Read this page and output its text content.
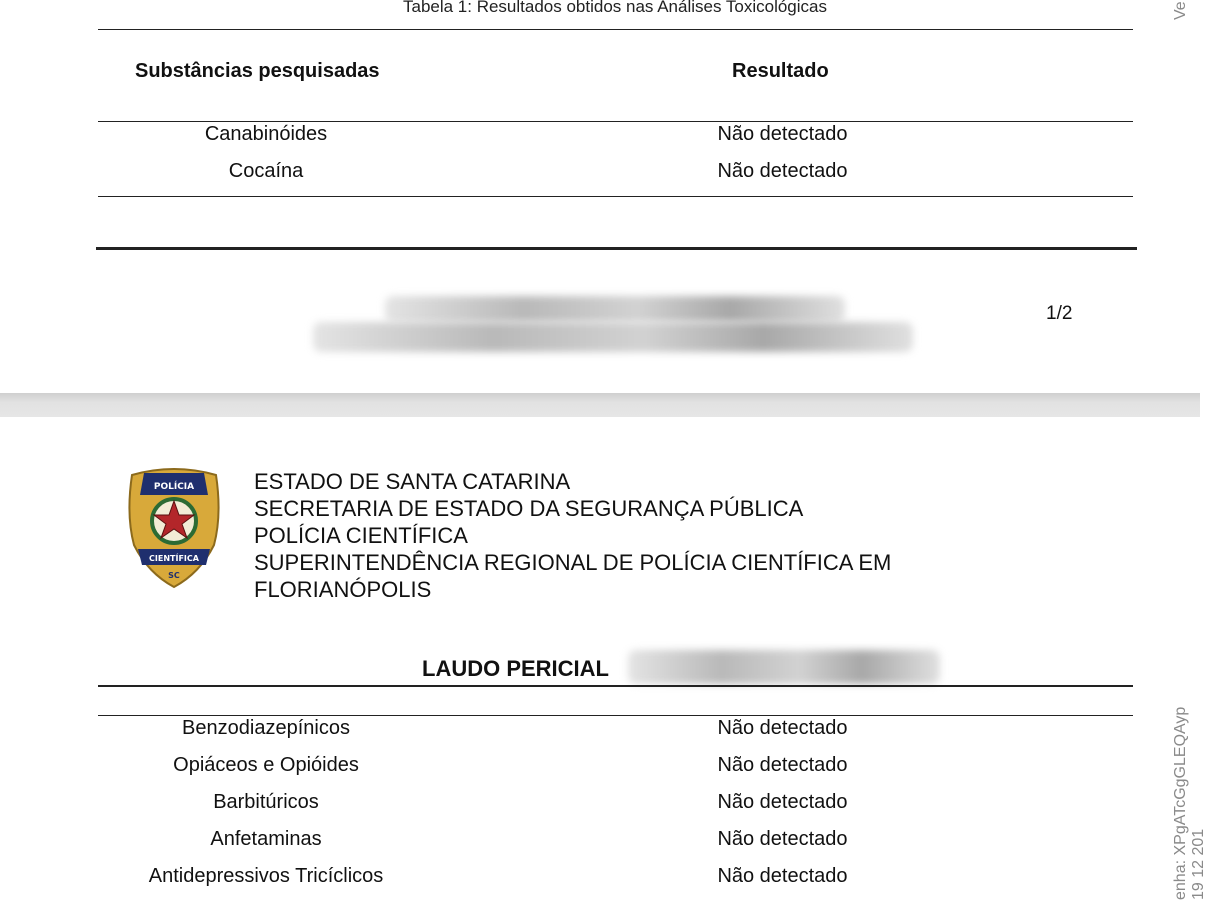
Tabela 1: Resultados obtidos nas Análises Toxicológicas
Substâncias pesquisadas	Resultado
Canabinóides	Não detectado
Cocaína	Não detectado
1/2
POLÍCIA
CIENTÍFICA
SC
ESTADO DE SANTA CATARINA
SECRETARIA DE ESTADO DA SEGURANÇA PÚBLICA
POLÍCIA CIENTÍFICA
SUPERINTENDÊNCIA REGIONAL DE POLÍCIA CIENTÍFICA EM
FLORIANÓPOLIS
LAUDO PERICIAL
Benzodiazepínicos	Não detectado
Opiáceos e Opióides	Não detectado
Barbitúricos	Não detectado
Anfetaminas	Não detectado
Antidepressivos Tricíclicos	Não detectado
Ve
enha: XPgATcGgGLEQAyp 19 12 201
